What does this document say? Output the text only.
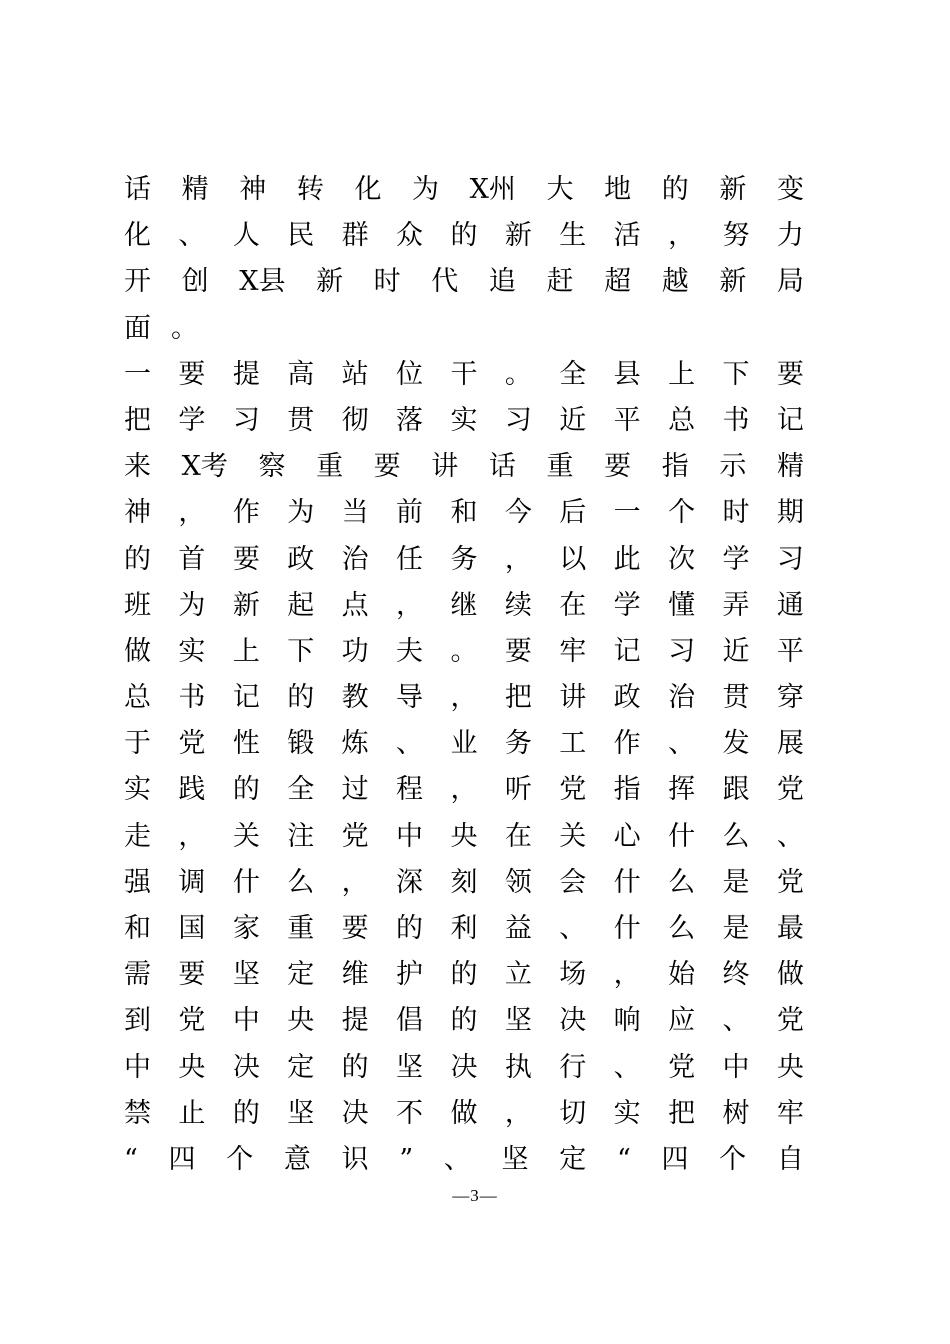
话 精 神 转 化 为 X州 大 地 的 新 变
化 、 人 民 群 众 的 新 生 活 ， 努 力
开 创 X县 新 时 代 追 赶 超 越 新 局
面 。
一 要 提 高 站 位 干 。 全 县 上 下 要
把 学 习 贯 彻 落 实 习 近 平 总 书 记
来 X考 察 重 要 讲 话 重 要 指 示 精
神 ， 作 为 当 前 和 今 后 一 个 时 期
的 首 要 政 治 任 务 ， 以 此 次 学 习
班 为 新 起 点 ， 继 续 在 学 懂 弄 通
做 实 上 下 功 夫 。 要 牢 记 习 近 平
总 书 记 的 教 导 ， 把 讲 政 治 贯 穿
于 党 性 锻 炼 、 业 务 工 作 、 发 展
实 践 的 全 过 程 ， 听 党 指 挥 跟 党
走 ， 关 注 党 中 央 在 关 心 什 么 、
强 调 什 么 ， 深 刻 领 会 什 么 是 党
和 国 家 重 要 的 利 益 、 什 么 是 最
需 要 坚 定 维 护 的 立 场 ， 始 终 做
到 党 中 央 提 倡 的 坚 决 响 应 、 党
中 央 决 定 的 坚 决 执 行 、 党 中 央
禁 止 的 坚 决 不 做 ， 切 实 把 树 牢
“ 四 个 意 识 ” 、 坚 定 “ 四 个 自
—3—
